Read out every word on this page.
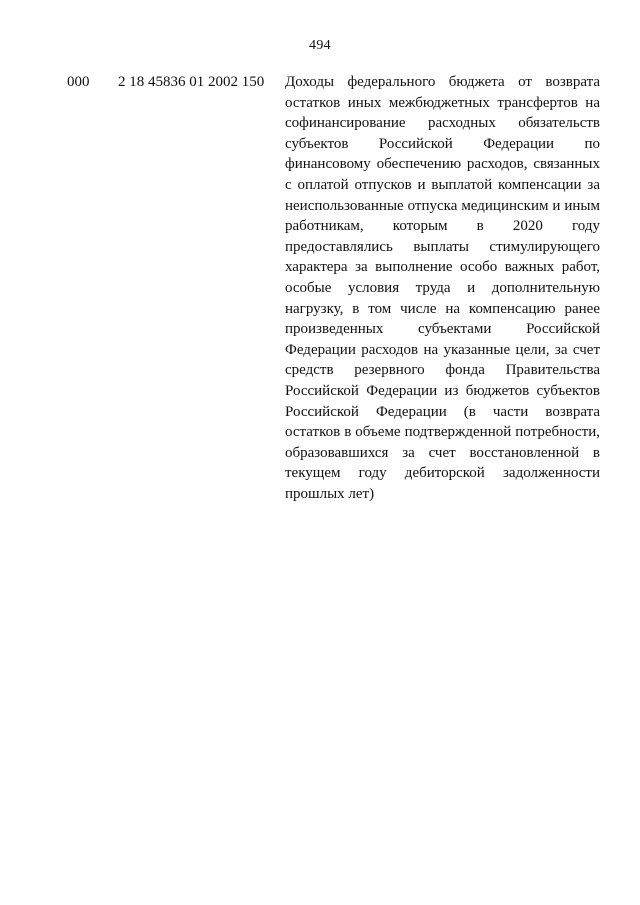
494
000 2 18 45836 01 2002 150 Доходы федерального бюджета от возврата
остатков иных межбюджетных трансфертов на
софинансирование расходных обязательств
субъектов Российской Федерации по
финансовому обеспечению расходов, связанных
с оплатой отпусков и выплатой компенсации за
неиспользованные отпуска медицинским и иным
работникам, которым в 2020 году
предоставлялись выплаты стимулирующего
характера за выполнение особо важных работ,
особые условия труда и дополнительную
нагрузку, в том числе на компенсацию ранее
произведенных субъектами Российской
Федерации расходов на указанные цели, за счет
средств резервного фонда Правительства
Российской Федерации из бюджетов субъектов
Российской Федерации (в части возврата
остатков в объеме подтвержденной потребности,
образовавшихся за счет восстановленной в
текущем году дебиторской задолженности
прошлых лет)
